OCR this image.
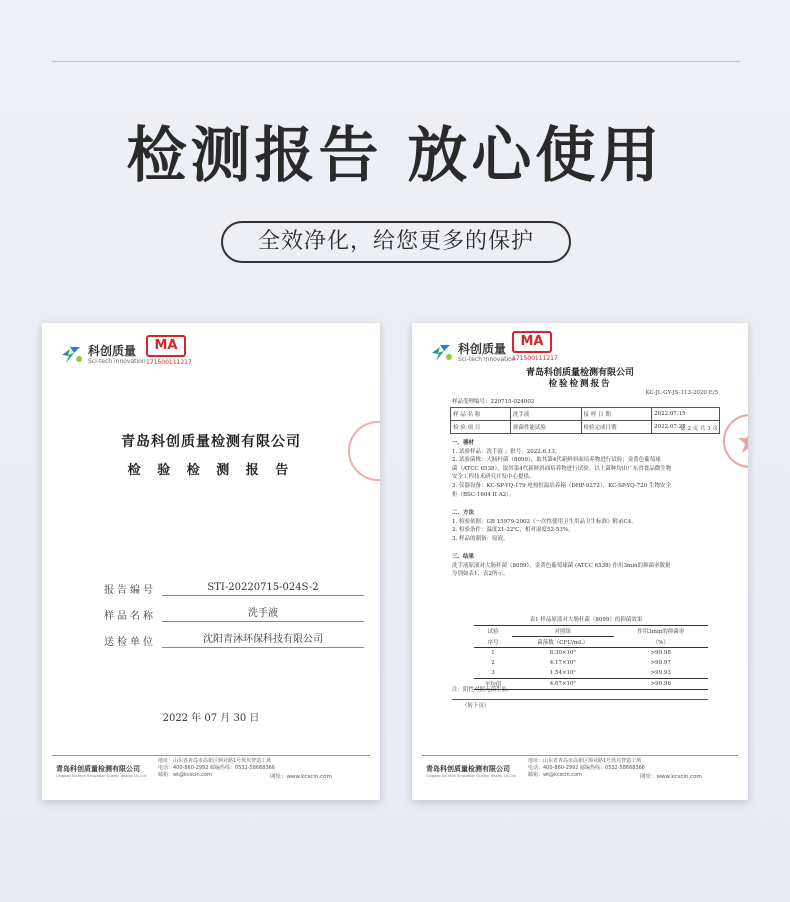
检测报告 放心使用
全效净化，给您更多的保护
科创质量
Sci-tech innovation
MA
171500111217
青岛科创质量检测有限公司
检 验 检 测 报 告
报告编号	STI-20220715-024S-2
样品名称	洗手液
送检单位	沈阳青沐环保科技有限公司
2022 年 07 月 30 日
青岛科创质量检测有限公司
Qingdao Sci-tech Innovation Quality Testing Co.,Ltd
地址：山东省青岛市高新区锦业路1号蓝贝智造工场
电话：400-860-2992 邮编热线：0532-58668366
邮箱：wt@kcscin.com	网址：www.kcscin.com
科创质量
Sci-tech innovation
MA
171500111217
青岛科创质量检测有限公司
检验检测报告
KC-JL-GY-JS-113-2020 E/5
样品受理编号：220715-024002
第 2 页 共 3 页
样 品 名 称	洗手液	接 样 日 期	2022.07.15
检 验 项 目	抑菌性能试验	检验完成日期	2022.07.27
一、器材
1. 试验样品：洗手液 ；批号：2022.6.13。
2. 试验菌株：大肠杆菌（8099）、取其第4代新鲜斜面培养物进行试验；金黄色葡萄球
菌（ATCC 6538），取其第4代新鲜斜面培养物进行试验。以上菌种均由广东省食品微生物
安全工程技术研究开发中心提供。
3. 仪器设备：KC-SP-YQ-179 电热恒温培养箱（DHP-9272）、KC-SP-YQ-720 生物安全
柜（BSC-1604 II A2）。
二、方法
1. 检验依据：GB 15979-2002《一次性使用卫生用品卫生标准》附录C4。
2. 检验条件：温度21-22℃，相对湿度52-53%。
3. 样品的制备：原液。
三、结果
洗手液原液对大肠杆菌（8099）、金黄色葡萄球菌 (ATCC 6538) 作用3min的抑菌率数据
分别如表1、表2所示。
表1 样品原液对大肠杆菌（8099）的抑菌效果
试验	对照组	作用3min的抑菌率
序号	菌落数（CFU/mL）	（%）
1	8.30×10⁵	>99.98
2	4.17×10⁵	>99.97
3	1.54×10⁵	>99.93
平均值	4.67×10⁵	>99.96
注：阴性对照无菌生长。
（转下页）
青岛科创质量检测有限公司
Qingdao Sci-tech Innovation Quality Testing Co.,Ltd
地址：山东省青岛市高新区锦业路1号蓝贝智造工场
电话：400-860-2992 邮编热线：0532-58668366
邮箱：wt@kcscin.com	网址：www.kcscin.com
